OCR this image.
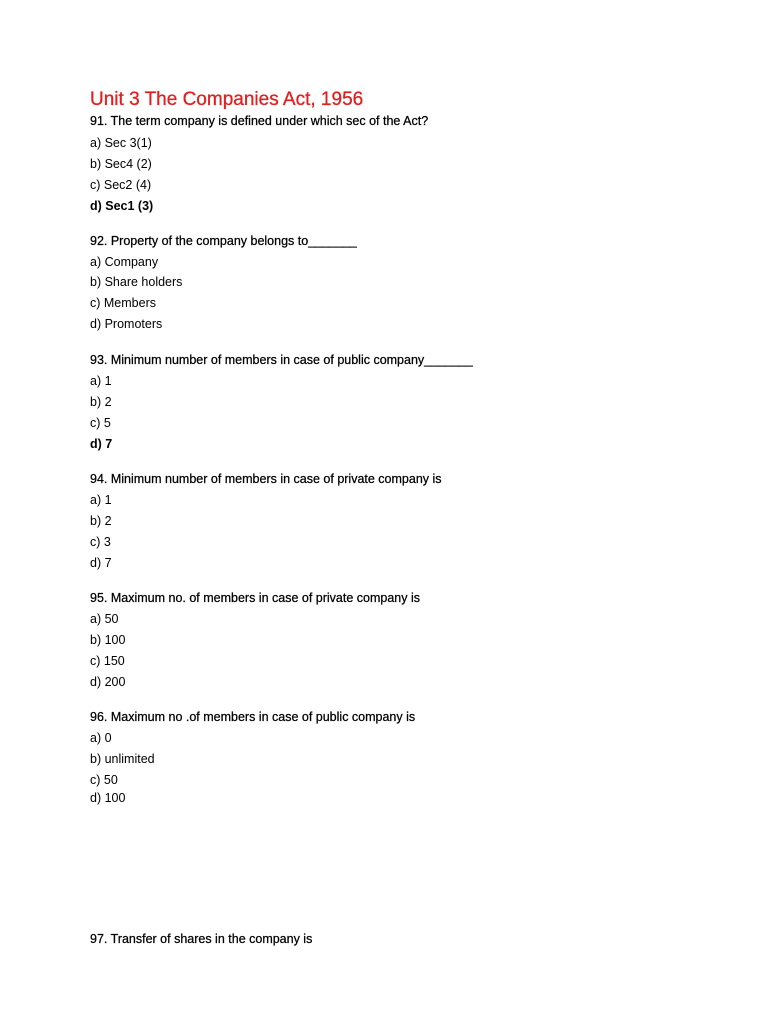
Unit 3 The Companies Act, 1956
91. The term company is defined under which sec of the Act?
a) Sec 3(1)
b) Sec4 (2)
c) Sec2 (4)
d) Sec1 (3)
92. Property of the company belongs to_______
a) Company
b) Share holders
c) Members
d) Promoters
93. Minimum number of members in case of public company_______
a) 1
b) 2
c) 5
d) 7
94. Minimum number of members in case of private company is
a) 1
b) 2
c) 3
d) 7
95. Maximum no. of members in case of private company is
a) 50
b) 100
c) 150
d) 200
96. Maximum no .of members in case of public company is
a) 0
b) unlimited
c) 50
d) 100
97. Transfer of shares in the company is
